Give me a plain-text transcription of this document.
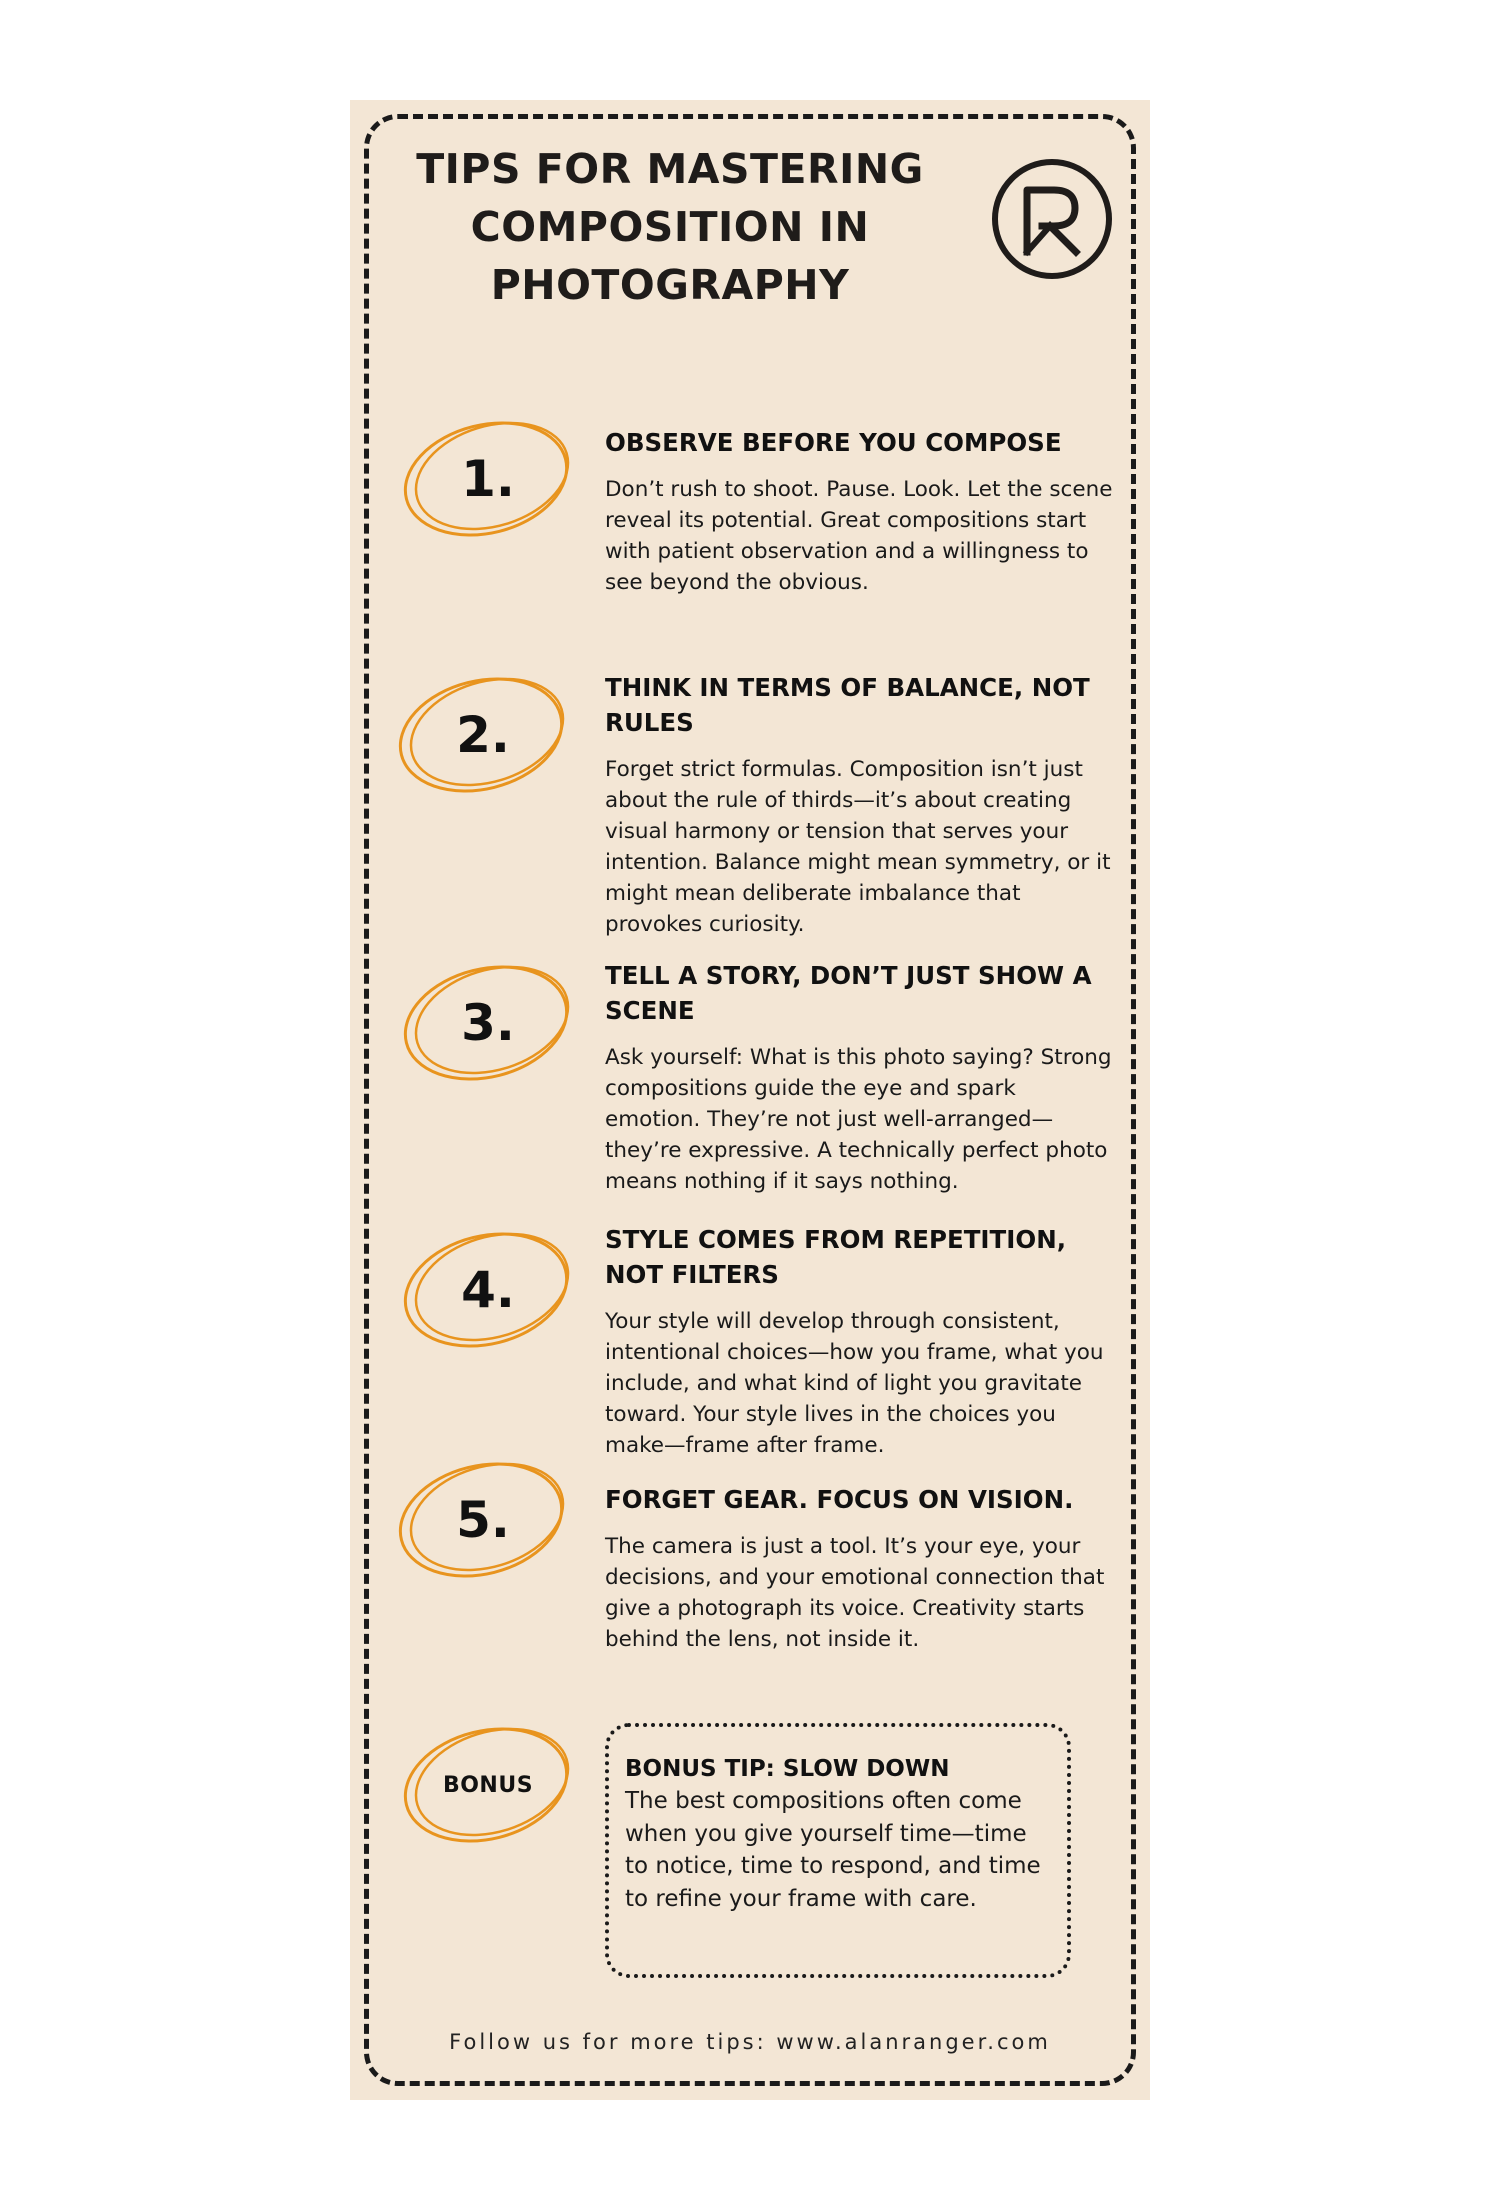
TIPS FOR MASTERING COMPOSITION IN PHOTOGRAPHY
1.
OBSERVE BEFORE YOU COMPOSE

Don’t rush to shoot. Pause. Look. Let the scene reveal its potential. Great compositions start with patient observation and a willingness to see beyond the obvious.

2.
THINK IN TERMS OF BALANCE, NOT RULES

Forget strict formulas. Composition isn’t just about the rule of thirds—it’s about creating visual harmony or tension that serves your intention. Balance might mean symmetry, or it might mean deliberate imbalance that provokes curiosity.

3.
TELL A STORY, DON’T JUST SHOW A SCENE

Ask yourself: What is this photo saying? Strong compositions guide the eye and spark emotion. They’re not just well-arranged—they’re expressive. A technically perfect photo means nothing if it says nothing.

4.
STYLE COMES FROM REPETITION, NOT FILTERS

Your style will develop through consistent, intentional choices—how you frame, what you include, and what kind of light you gravitate toward. Your style lives in the choices you make—frame after frame.

5.	FORGET GEAR. FOCUS ON VISION.

The camera is just a tool. It’s your eye, your decisions, and your emotional connection that give a photograph its voice. Creativity starts behind the lens, not inside it.

BONUS
BONUS TIP: SLOW DOWN

The best compositions often come when you give yourself time—time to notice, time to respond, and time to refine your frame with care.

Follow us for more tips: www.alanranger.com
